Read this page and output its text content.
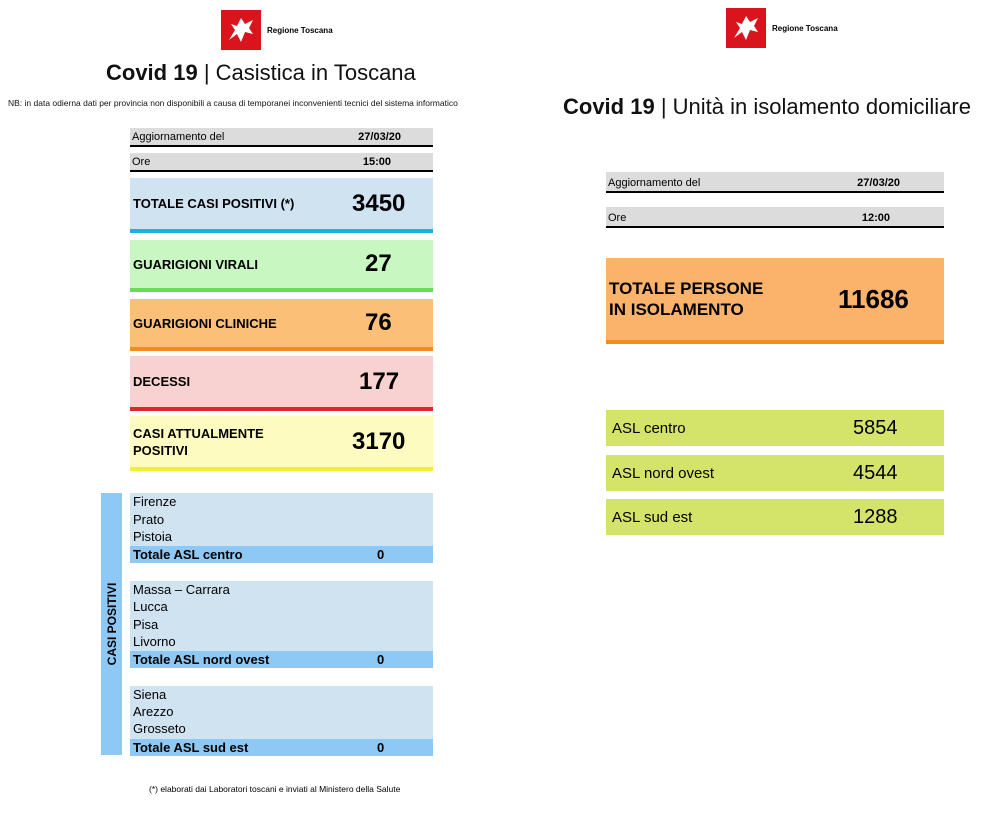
Regione Toscana
Covid 19 | Casistica in Toscana
NB: in data odierna dati per provincia non disponibili a causa di temporanei inconvenienti tecnici del sistema informatico
Aggiornamento del	27/03/20
Ore	15:00
TOTALE CASI POSITIVI (*) 3450
GUARIGIONI VIRALI	27
GUARIGIONI CLINICHE	76
DECESSI	177
CASI ATTUALMENTE POSITIVI	3170
CASI POSITIVI
Firenze
Prato
Pistoia
Totale ASL centro	0
Massa – Carrara
Lucca
Pisa
Livorno
Totale ASL nord ovest	0
Siena
Arezzo
Grosseto
Totale ASL sud est	0
(*) elaborati dai Laboratori toscani e inviati al Ministero della Salute
Regione Toscana
Covid 19 | Unità in isolamento domiciliare
Aggiornamento del	27/03/20
Ore	12:00
TOTALE PERSONE
IN ISOLAMENTO	11686
ASL centro	5854
ASL nord ovest	4544
ASL sud est	1288
